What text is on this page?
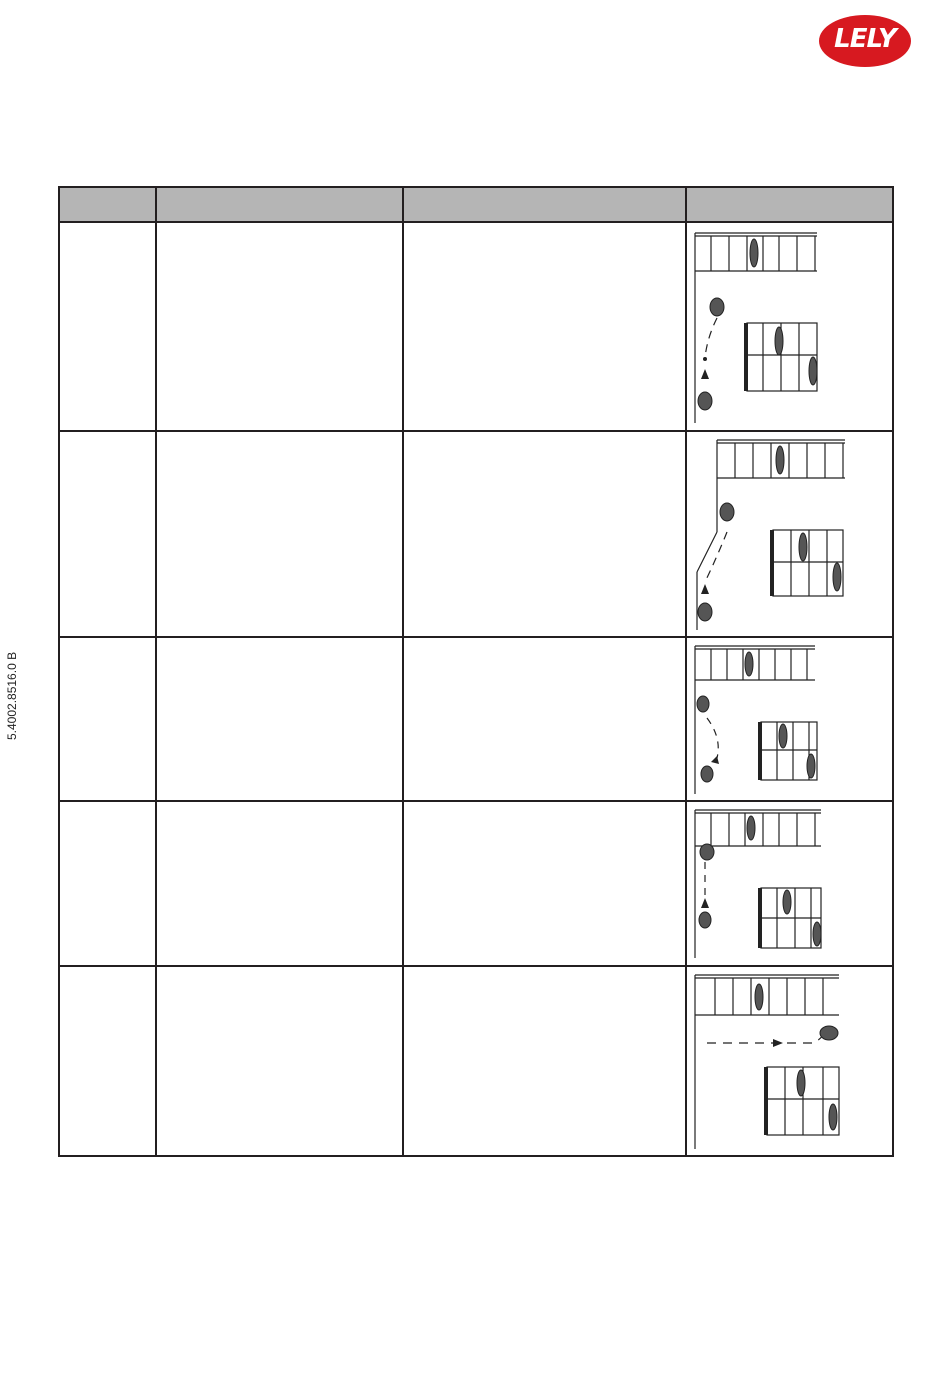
LELY
5.4002.8516.0 B
